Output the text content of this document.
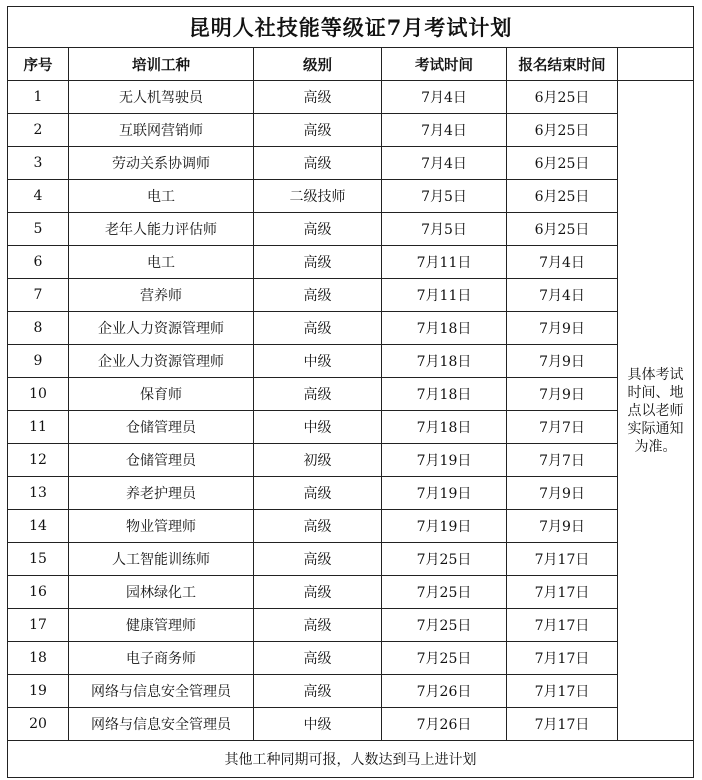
昆明人社技能等级证7月考试计划					
序号	培训工种	级别	考试时间	报名结束时间	
1	无人机驾驶员	高级	7月4日	6月25日	具体考试时间、地点以老师实际通知为准。
2	互联网营销师	高级	7月4日	6月25日	
3	劳动关系协调师	高级	7月4日	6月25日	
4	电工	二级技师	7月5日	6月25日	
5	老年人能力评估师	高级	7月5日	6月25日	
6	电工	高级	7月11日	7月4日	
7	营养师	高级	7月11日	7月4日	
8	企业人力资源管理师	高级	7月18日	7月9日	
9	企业人力资源管理师	中级	7月18日	7月9日	
10	保育师	高级	7月18日	7月9日	
11	仓储管理员	中级	7月18日	7月7日	
12	仓储管理员	初级	7月19日	7月7日	
13	养老护理员	高级	7月19日	7月9日	
14	物业管理师	高级	7月19日	7月9日	
15	人工智能训练师	高级	7月25日	7月17日	
16	园林绿化工	高级	7月25日	7月17日	
17	健康管理师	高级	7月25日	7月17日	
18	电子商务师	高级	7月25日	7月17日	
19	网络与信息安全管理员	高级	7月26日	7月17日	
20	网络与信息安全管理员	中级	7月26日	7月17日	
其他工种同期可报，人数达到马上进计划					
